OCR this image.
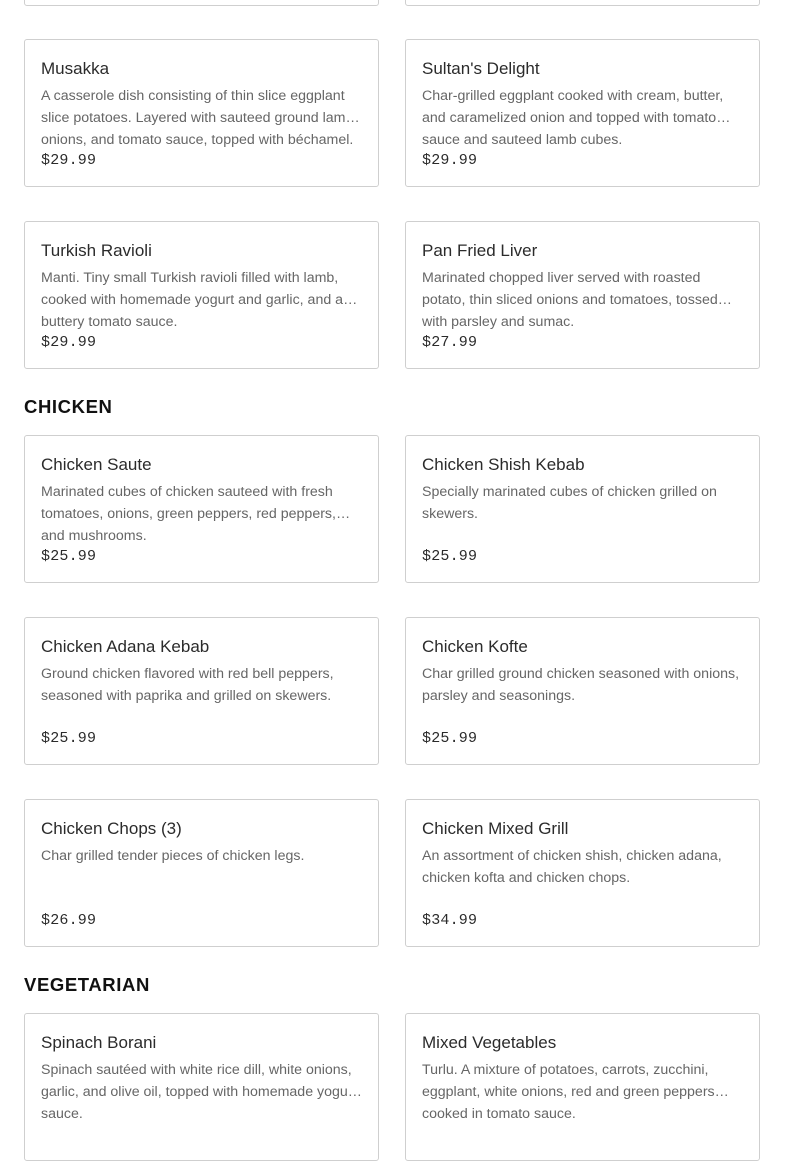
Musakka
A casserole dish consisting of thin slice eggplant slice potatoes. Layered with sauteed ground lamb, onions, and tomato sauce, topped with béchamel.
$29.99
Sultan's Delight
Char-grilled eggplant cooked with cream, butter, and caramelized onion and topped with tomato sauce and sauteed lamb cubes.
$29.99
Turkish Ravioli
Manti. Tiny small Turkish ravioli filled with lamb, cooked with homemade yogurt and garlic, and a buttery tomato sauce.
$29.99
Pan Fried Liver
Marinated chopped liver served with roasted potato, thin sliced onions and tomatoes, tossed with parsley and sumac.
$27.99
CHICKEN
Chicken Saute
Marinated cubes of chicken sauteed with fresh tomatoes, onions, green peppers, red peppers, and mushrooms.
$25.99
Chicken Shish Kebab
Specially marinated cubes of chicken grilled on skewers.
$25.99
Chicken Adana Kebab
Ground chicken flavored with red bell peppers, seasoned with paprika and grilled on skewers.
$25.99
Chicken Kofte
Char grilled ground chicken seasoned with onions, parsley and seasonings.
$25.99
Chicken Chops (3)
Char grilled tender pieces of chicken legs.
$26.99
Chicken Mixed Grill
An assortment of chicken shish, chicken adana, chicken kofta and chicken chops.
$34.99
VEGETARIAN
Spinach Borani
Spinach sautéed with white rice dill, white onions, garlic, and olive oil, topped with homemade yogurt sauce.
Mixed Vegetables
Turlu. A mixture of potatoes, carrots, zucchini, eggplant, white onions, red and green peppers cooked in tomato sauce.
